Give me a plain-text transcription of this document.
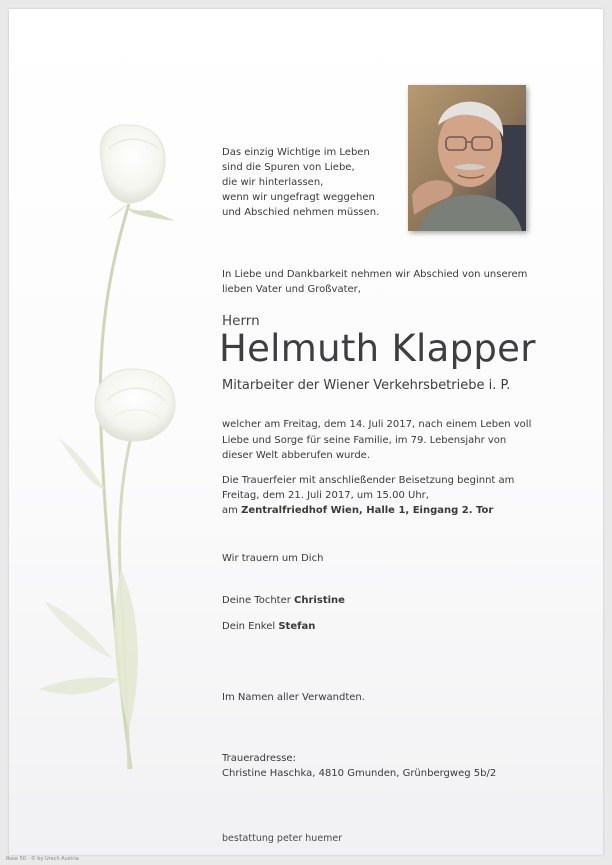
Das einzig Wichtige im Leben
sind die Spuren von Liebe,
die wir hinterlassen,
wenn wir ungefragt weggehen
und Abschied nehmen müssen.

In Liebe und Dankbarkeit nehmen wir Abschied von unserem lieben Vater und Großvater,

Herrn

Helmuth Klapper

Mitarbeiter der Wiener Verkehrsbetriebe i. P.

welcher am Freitag, dem 14. Juli 2017, nach einem Leben voll Liebe und Sorge für seine Familie, im 79. Lebensjahr von dieser Welt abberufen wurde.

Die Trauerfeier mit anschließender Beisetzung beginnt am
Freitag, dem 21. Juli 2017, um 15.00 Uhr,
am Zentralfriedhof Wien, Halle 1, Eingang 2. Tor

Wir trauern um Dich

Deine Tochter Christine

Dein Enkel Stefan

Im Namen aller Verwandten.

Traueradresse:

Christine Haschka, 4810 Gmunden, Grünbergweg 5b/2

bestattung peter huemer

Rose 50 · © by Urech Austria
